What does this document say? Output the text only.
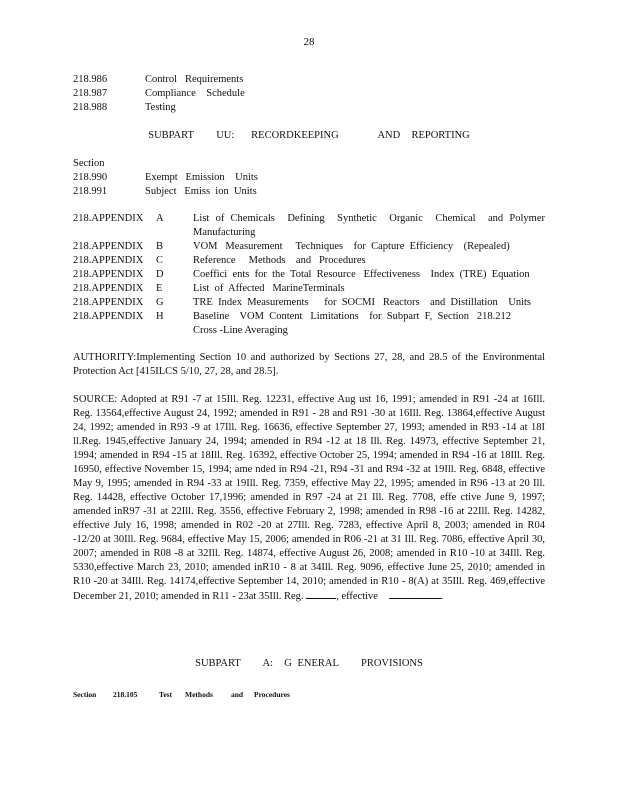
28
218.986	Control   Requirements
218.987	Compliance    Schedule
218.988	Testing
SUBPART    UU:   RECORDKEEPING       AND  REPORTING
Section
218.990	Exempt   Emission    Units
218.991	Subject   Emiss  ion  Units
218.APPENDIX A	List  of  Chemicals    Defining    Synthetic    Organic    Chemical    and  Polymer
Manufacturing
218.APPENDIX B	VOM   Measurement     Techniques    for  Capture  Efficiency    (Repealed)
218.APPENDIX C	Reference     Methods    and   Procedures
218.APPENDIX D	Coeffici  ents  for  the  Total  Resource   Effectiveness    Index  (TRE)  Equation
218.APPENDIX E	List  of  Affected   MarineTerminals
218.APPENDIX G	TRE  Index  Measurements      for  SOCMI   Reactors    and  Distillation    Units
218.APPENDIX H	Baseline    VOM  Content   Limitations    for  Subpart  F,  Section   218.212
Cross -Line Averaging
AUTHORITY:Implementing Section 10 and authorized by Sections 27, 28, and 28.5 of the Environmental Protection Act [415ILCS 5/10, 27, 28, and 28.5].
SOURCE: Adopted at R91 -7 at 15Ill. Reg. 12231, effective Aug ust 16, 1991; amended in R91 -24 at 16Ill. Reg. 13564,effective August 24, 1992; amended in R91 - 28 and R91 -30 at 16Ill. Reg. 13864,effective August 24, 1992; amended in R93 -9 at 17Ill. Reg. 16636, effective September 27, 1993; amended in R93 -14 at 18I ll.Reg. 1945,effective January 24, 1994; amended in R94 -12 at 18 Ill. Reg. 14973, effective September 21, 1994; amended in R94 -15 at 18Ill. Reg. 16392, effective October 25, 1994; amended in R94 -16 at 18Ill. Reg. 16950, effective November 15, 1994; ame nded in R94 -21, R94 -31 and R94 -32 at 19Ill. Reg. 6848, effective May 9, 1995; amended in R94 -33 at 19Ill. Reg. 7359, effective May 22, 1995; amended in R96 -13 at 20 Ill. Reg. 14428, effective October 17,1996; amended in R97 -24 at 21 Ill. Reg. 7708, effe ctive June 9, 1997; amended inR97 -31 at 22Ill. Reg. 3556, effective February 2, 1998; amended in R98 -16 at 22Ill. Reg. 14282, effective July 16, 1998; amended in R02 -20 at 27Ill. Reg. 7283, effective April 8, 2003; amended in R04 -12/20 at 30Ill. Reg. 9684, effective May 15, 2006; amended in R06 -21 at 31 Ill. Reg. 7086, effective April 30, 2007; amended in R08 -8 at 32Ill. Reg. 14874, effective August 26, 2008; amended in R10 -10 at 34Ill. Reg. 5330,effective March 23, 2010; amended inR10 - 8 at 34Ill. Reg. 9096, effective June 25, 2010; amended in R10 -20 at 34Ill. Reg. 14174,effective September 14, 2010; amended in R10 - 8(A) at 35Ill. Reg. 469,effective December 21, 2010; amended in R11 - 23at 35Ill. Reg.	, effective	.
SUBPART    A:  G ENERAL    PROVISIONS
Section 218.105	Test Methods and Procedures
